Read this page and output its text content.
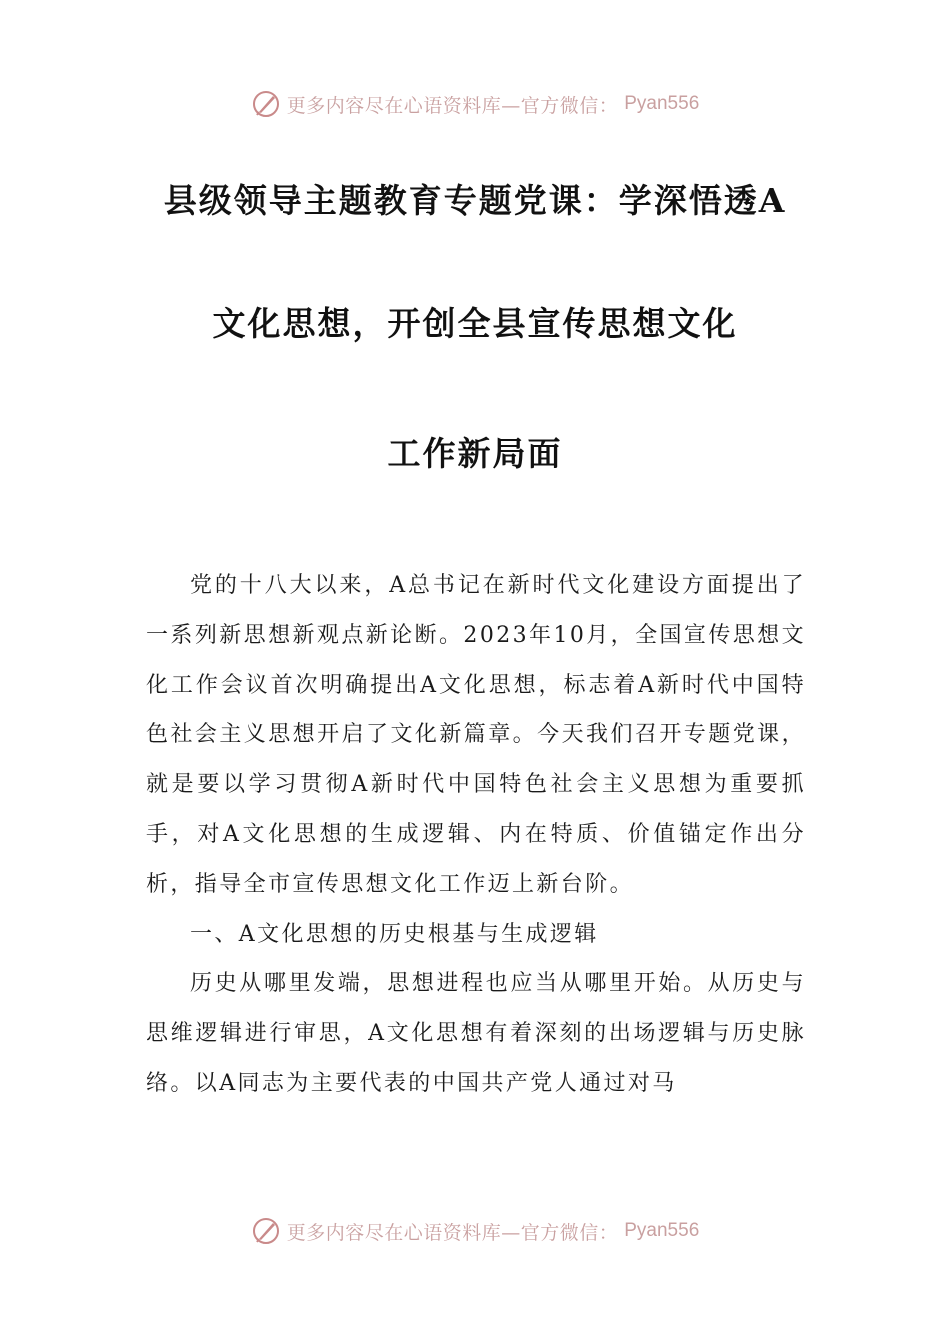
更多内容尽在心语资料库—官方微信： Pyan556
县级领导主题教育专题党课：学深悟透A
文化思想，开创全县宣传思想文化
工作新局面

党的十八大以来，A总书记在新时代文化建设方面提出了一系列新思想新观点新论断。2023年10月，全国宣传思想文化工作会议首次明确提出A文化思想，标志着A新时代中国特色社会主义思想开启了文化新篇章。今天我们召开专题党课，就是要以学习贯彻A新时代中国特色社会主义思想为重要抓手，对A文化思想的生成逻辑、内在特质、价值锚定作出分析，指导全市宣传思想文化工作迈上新台阶。

一、A文化思想的历史根基与生成逻辑

历史从哪里发端，思想进程也应当从哪里开始。从历史与思维逻辑进行审思，A文化思想有着深刻的出场逻辑与历史脉络。以A同志为主要代表的中国共产党人通过对马

更多内容尽在心语资料库—官方微信： Pyan556
